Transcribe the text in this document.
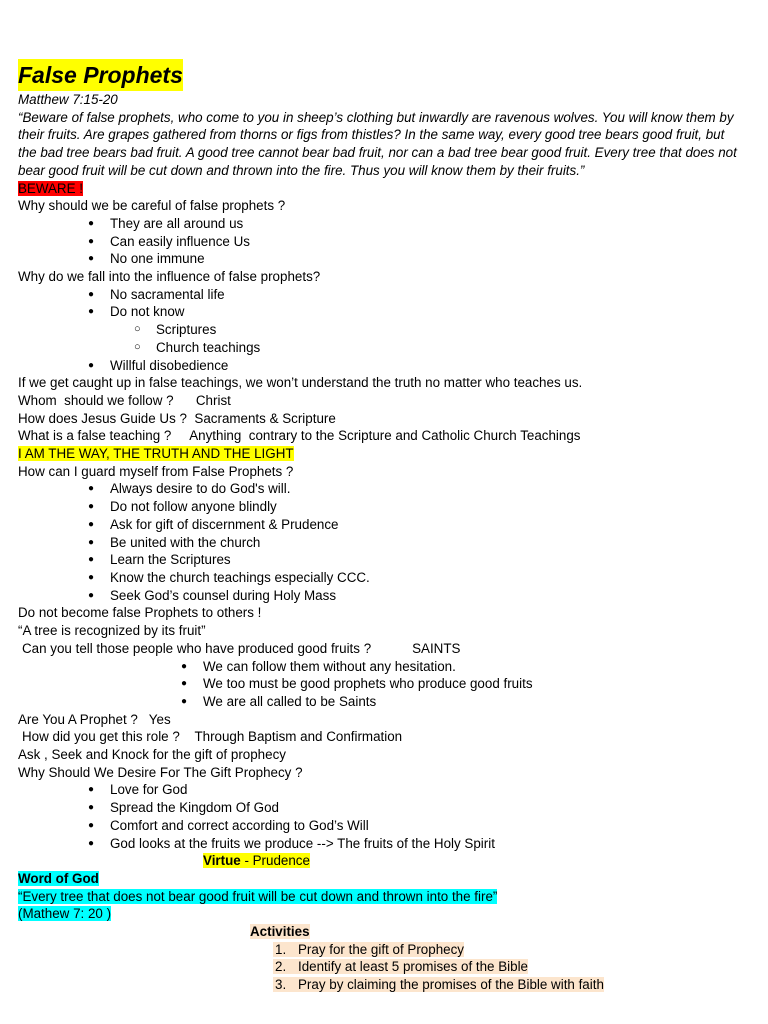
False Prophets
Matthew 7:15-20
“Beware of false prophets, who come to you in sheep’s clothing but inwardly are ravenous wolves. You will know them by their fruits. Are grapes gathered from thorns or figs from thistles? In the same way, every good tree bears good fruit, but the bad tree bears bad fruit. A good tree cannot bear bad fruit, nor can a bad tree bear good fruit. Every tree that does not bear good fruit will be cut down and thrown into the fire. Thus you will know them by their fruits.”
BEWARE !
Why should we be careful of false prophets ?
● They are all around us
● Can easily influence Us
● No one immune
Why do we fall into the influence of false prophets?
● No sacramental life
● Do not know
○ Scriptures
○ Church teachings
● Willful disobedience
If we get caught up in false teachings, we won’t understand the truth no matter who teaches us.
Whom  should we follow ? Christ
How does Jesus Guide Us ? Sacraments & Scripture
What is a false teaching ? Anything  contrary to the Scripture and Catholic Church Teachings
I AM THE WAY, THE TRUTH AND THE LIGHT
How can I guard myself from False Prophets ?
● Always desire to do God's will.
● Do not follow anyone blindly
● Ask for gift of discernment & Prudence
● Be united with the church
● Learn the Scriptures
● Know the church teachings especially CCC.
● Seek God’s counsel during Holy Mass
Do not become false Prophets to others !
“A tree is recognized by its fruit”
Can you tell those people who have produced good fruits ?	SAINTS
● We can follow them without any hesitation.
● We too must be good prophets who produce good fruits
● We are all called to be Saints
Are You A Prophet ? Yes
How did you get this role ? Through Baptism and Confirmation
Ask , Seek and Knock for the gift of prophecy
Why Should We Desire For The Gift Prophecy ?
● Love for God
● Spread the Kingdom Of God
● Comfort and correct according to God’s Will
● God looks at the fruits we produce --> The fruits of the Holy Spirit
Virtue - Prudence
Word of God
“Every tree that does not bear good fruit will be cut down and thrown into the fire”
(Mathew 7: 20 )
Activities
1. Pray for the gift of Prophecy
2. Identify at least 5 promises of the Bible
3. Pray by claiming the promises of the Bible with faith
